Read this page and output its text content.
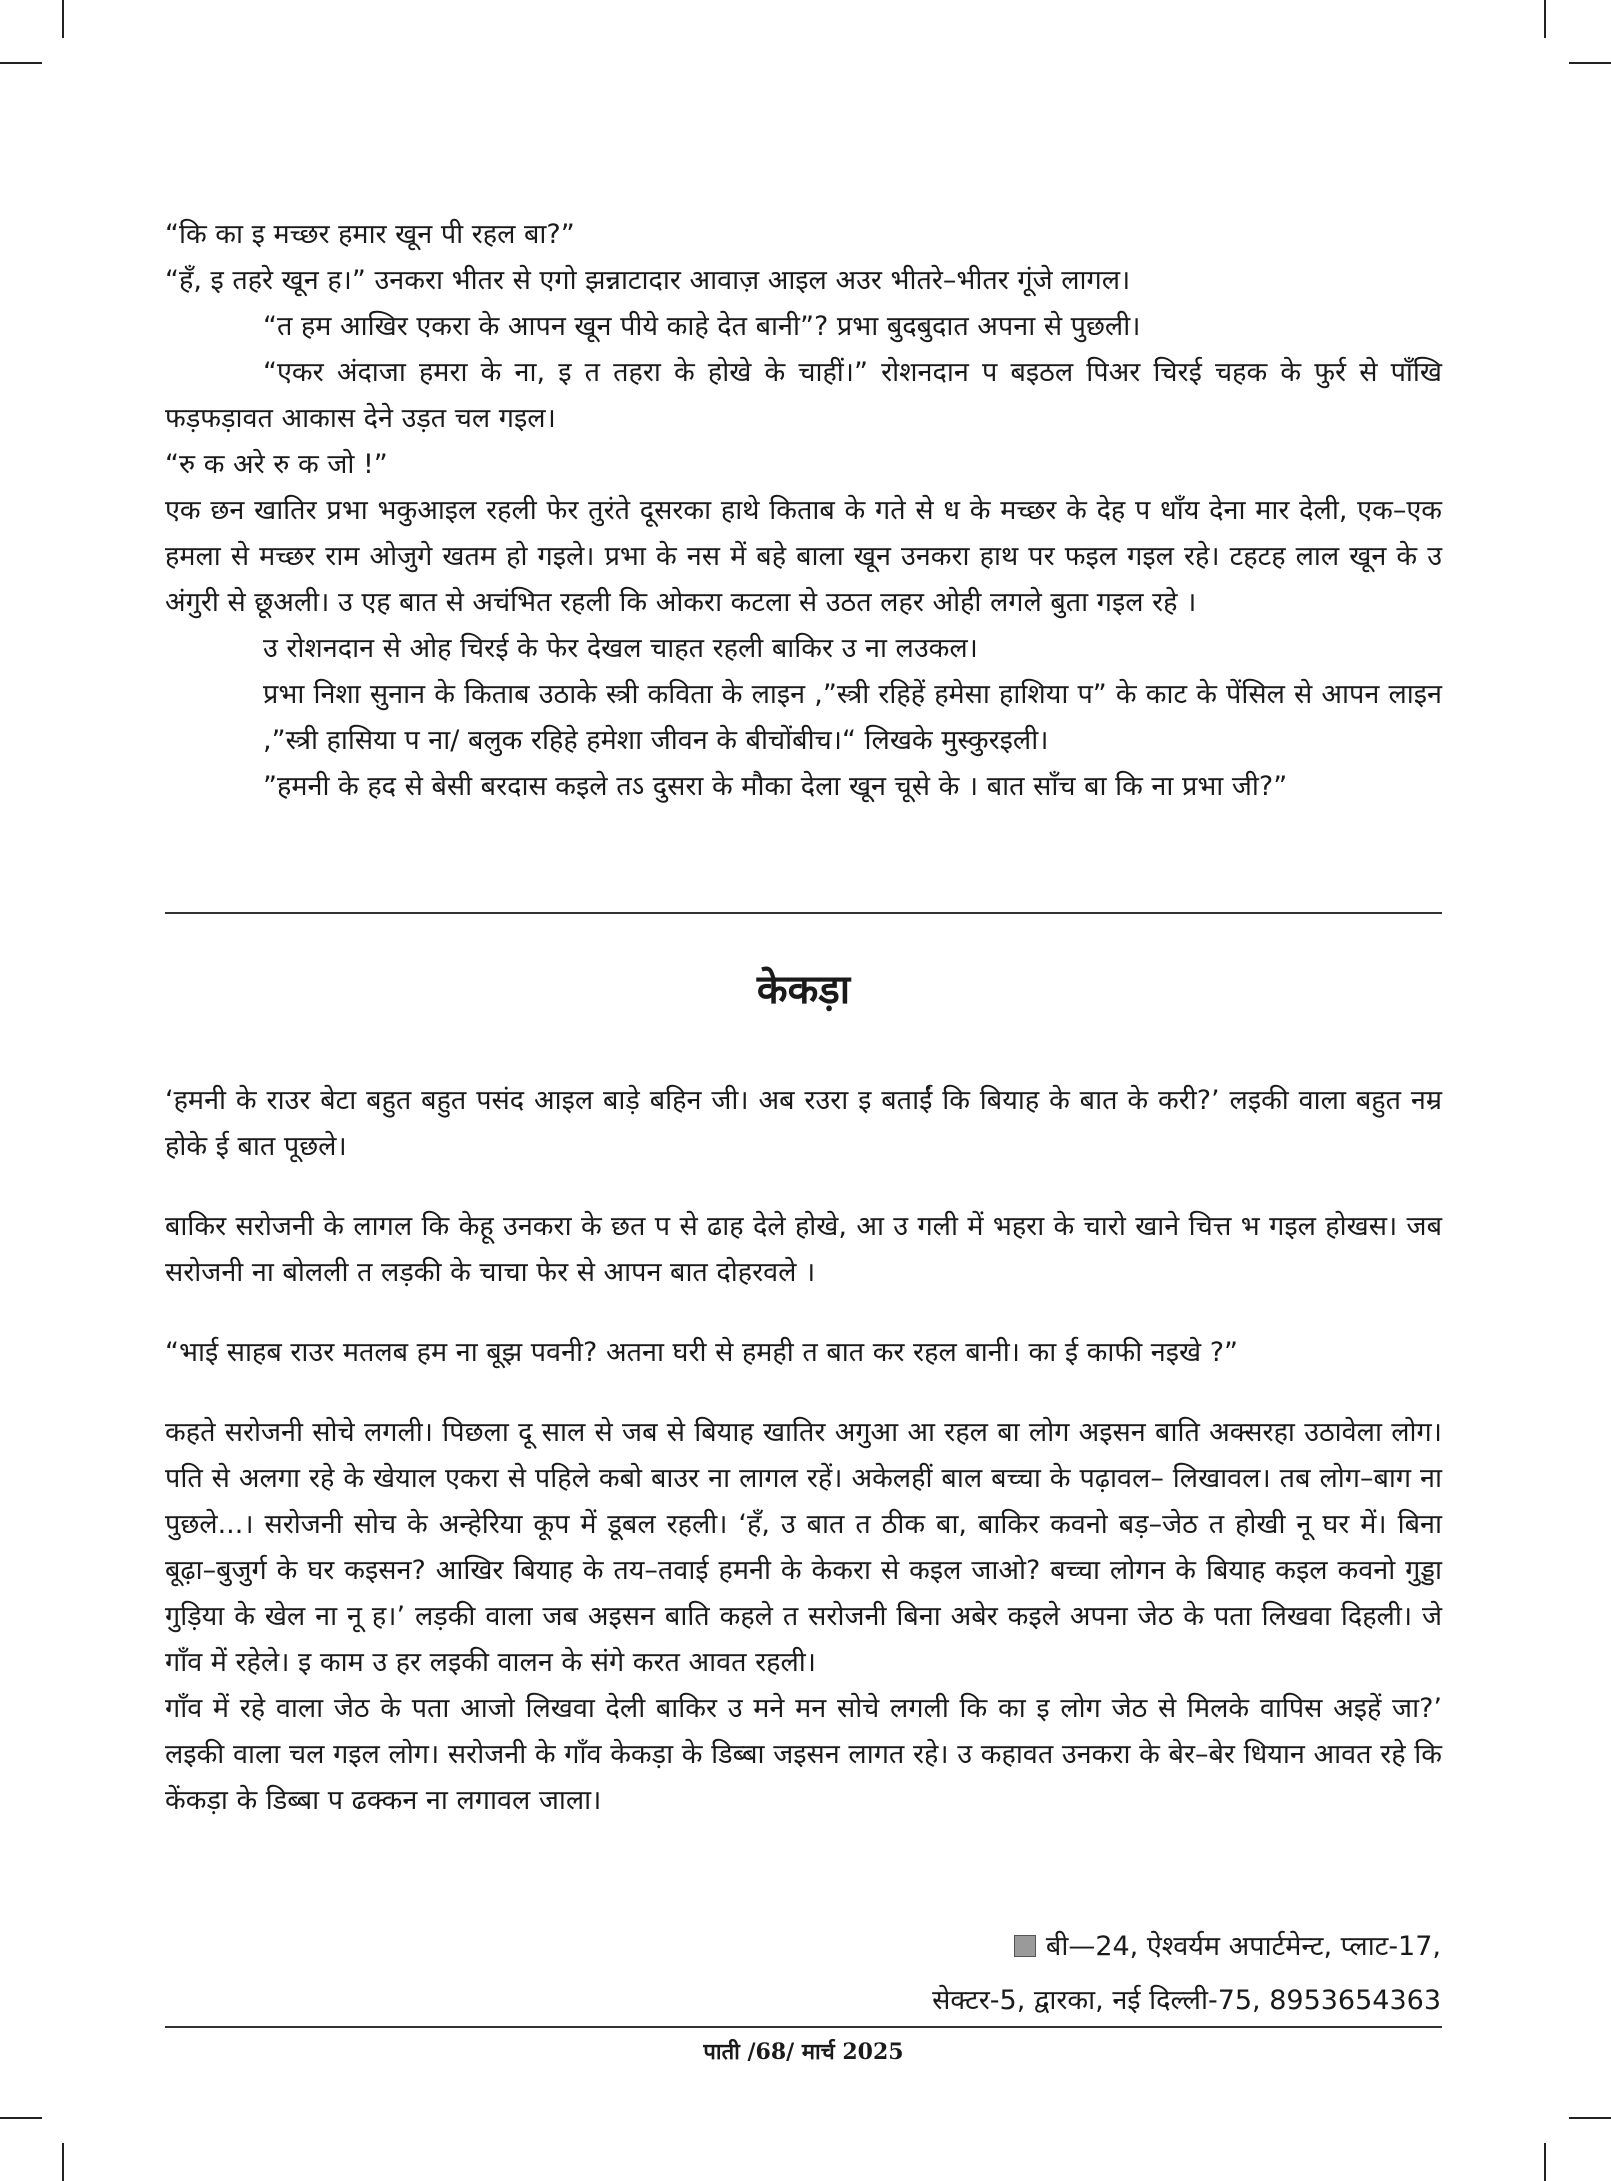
“कि का इ मच्छर हमार खून पी रहल बा?”

“हँ, इ तहरे खून ह।” उनकरा भीतर से एगो झन्नाटादार आवाज़ आइल अउर भीतरे–भीतर गूंजे लागल।

“त हम आखिर एकरा के आपन खून पीये काहे देत बानी”? प्रभा बुदबुदात अपना से पुछली।

“एकर अंदाजा हमरा के ना, इ त तहरा के होखे के चाहीं।” रोशनदान प बइठल पिअर चिरई चहक के फुर्र से पाँखि फड़फड़ावत आकास देने उड़त चल गइल।

“रु क अरे रु क जो !”

एक छन खातिर प्रभा भकुआइल रहली फेर तुरंते दूसरका हाथे किताब के गते से ध के मच्छर के देह प धाँय देना मार देली, एक–एक हमला से मच्छर राम ओजुगे खतम हो गइले। प्रभा के नस में बहे बाला खून उनकरा हाथ पर फइल गइल रहे। टहटह लाल खून के उ अंगुरी से छूअली। उ एह बात से अचंभित रहली कि ओकरा कटला से उठत लहर ओही लगले बुता गइल रहे ।

उ रोशनदान से ओह चिरई के फेर देखल चाहत रहली बाकिर उ ना लउकल।

प्रभा निशा सुनान के किताब उठाके स्त्री कविता के लाइन ,”स्त्री रहिहें हमेसा हाशिया प” के काट के पेंसिल से आपन लाइन ,”स्त्री हासिया प ना/ बलुक रहिहे हमेशा जीवन के बीचोंबीच।“ लिखके मुस्कुरइली।

”हमनी के हद से बेसी बरदास कइले तऽ दुसरा के मौका देला खून चूसे के । बात साँच बा कि ना प्रभा जी?”

केकड़ा

‘हमनी के राउर बेटा बहुत बहुत पसंद आइल बाड़े बहिन जी। अब रउरा इ बताईं कि बियाह के बात के करी?’ लइकी वाला बहुत नम्र होके ई बात पूछले।

बाकिर सरोजनी के लागल कि केहू उनकरा के छत प से ढाह देले होखे, आ उ गली में भहरा के चारो खाने चित्त भ गइल होखस। जब सरोजनी ना बोलली त लड़की के चाचा फेर से आपन बात दोहरवले ।

“भाई साहब राउर मतलब हम ना बूझ पवनी? अतना घरी से हमही त बात कर रहल बानी। का ई काफी नइखे ?”

कहते सरोजनी सोचे लगली। पिछला दू साल से जब से बियाह खातिर अगुआ आ रहल बा लोग अइसन बाति अक्सरहा उठावेला लोग। पति से अलगा रहे के खेयाल एकरा से पहिले कबो बाउर ना लागल रहें। अकेलहीं बाल बच्चा के पढ़ावल– लिखावल। तब लोग–बाग ना पुछले...। सरोजनी सोच के अन्हेरिया कूप में डूबल रहली। ‘हँ, उ बात त ठीक बा, बाकिर कवनो बड़–जेठ त होखी नू घर में। बिना बूढ़ा–बुजुर्ग के घर कइसन? आखिर बियाह के तय–तवाई हमनी के केकरा से कइल जाओ? बच्चा लोगन के बियाह कइल कवनो गुड्डा गुड़िया के खेल ना नू ह।’ लड़की वाला जब अइसन बाति कहले त सरोजनी बिना अबेर कइले अपना जेठ के पता लिखवा दिहली। जे गाँव में रहेले। इ काम उ हर लइकी वालन के संगे करत आवत रहली।

गाँव में रहे वाला जेठ के पता आजो लिखवा देली बाकिर उ मने मन सोचे लगली कि का इ लोग जेठ से मिलके वापिस अइहें जा?’ लइकी वाला चल गइल लोग। सरोजनी के गाँव केकड़ा के डिब्बा जइसन लागत रहे। उ कहावत उनकरा के बेर–बेर धियान आवत रहे कि केंकड़ा के डिब्बा प ढक्कन ना लगावल जाला।

बी—24, ऐश्वर्यम अपार्टमेन्ट, प्लाट-17,
सेक्टर-5, द्वारका, नई दिल्ली-75, 8953654363
पाती /68/ मार्च 2025
